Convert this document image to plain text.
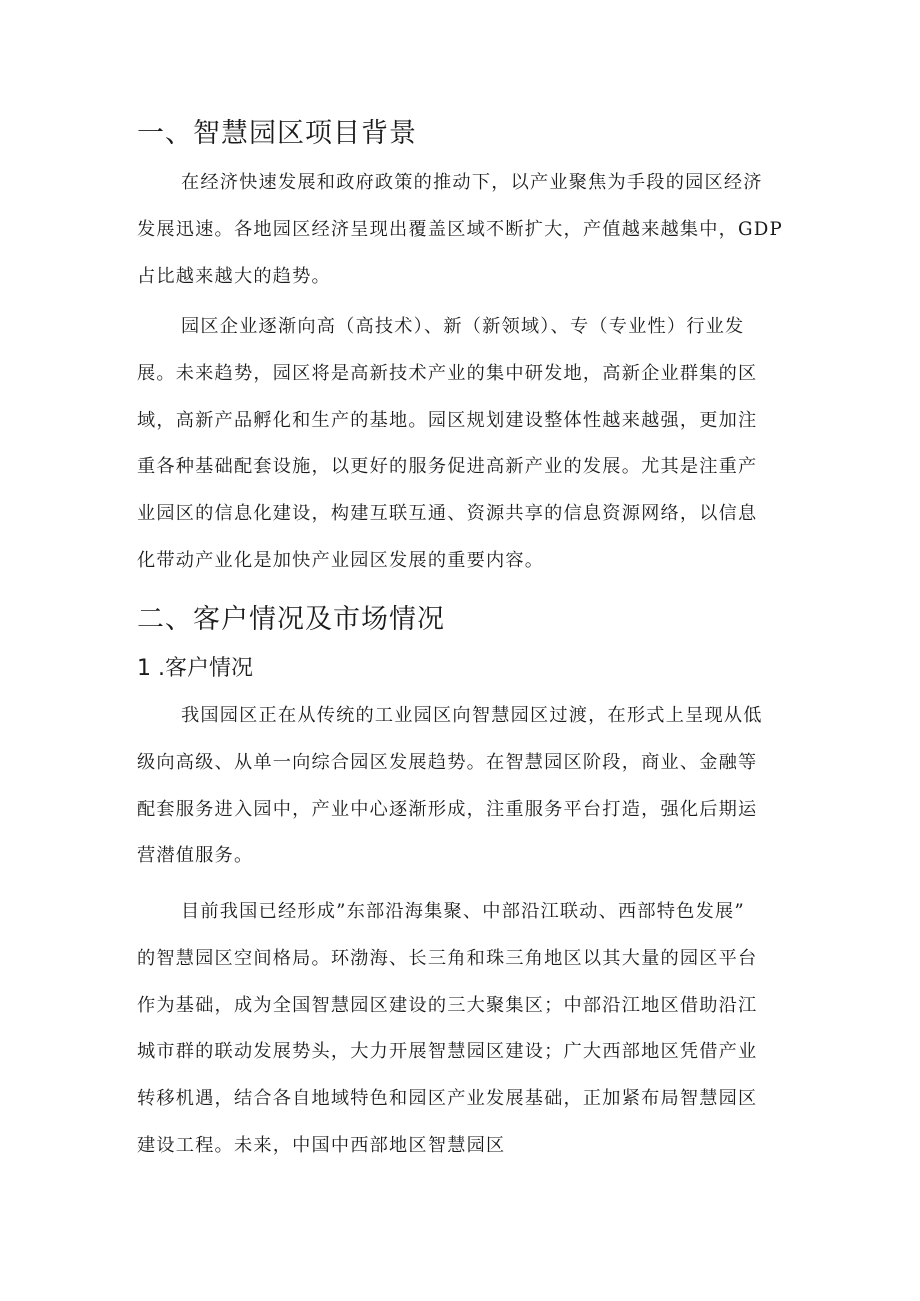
一、智慧园区项目背景
在经济快速发展和政府政策的推动下，以产业聚焦为手段的园区经济
发展迅速。各地园区经济呈现出覆盖区域不断扩大，产值越来越集中，GDP
占比越来越大的趋势。
园区企业逐渐向高（高技术）、新（新领域）、专（专业性）行业发
展。未来趋势，园区将是高新技术产业的集中研发地，高新企业群集的区
域，高新产品孵化和生产的基地。园区规划建设整体性越来越强，更加注
重各种基础配套设施，以更好的服务促进高新产业的发展。尤其是注重产
业园区的信息化建设，构建互联互通、资源共享的信息资源网络，以信息
化带动产业化是加快产业园区发展的重要内容。
二、客户情况及市场情况
1 .客户情况
我国园区正在从传统的工业园区向智慧园区过渡，在形式上呈现从低
级向高级、从单一向综合园区发展趋势。在智慧园区阶段，商业、金融等
配套服务进入园中，产业中心逐渐形成，注重服务平台打造，强化后期运
营潜值服务。
目前我国已经形成”东部沿海集聚、中部沿江联动、西部特色发展”
的智慧园区空间格局。环渤海、长三角和珠三角地区以其大量的园区平台
作为基础，成为全国智慧园区建设的三大聚集区；中部沿江地区借助沿江
城市群的联动发展势头，大力开展智慧园区建设；广大西部地区凭借产业
转移机遇，结合各自地域特色和园区产业发展基础，正加紧布局智慧园区
建设工程。未来，中国中西部地区智慧园区
